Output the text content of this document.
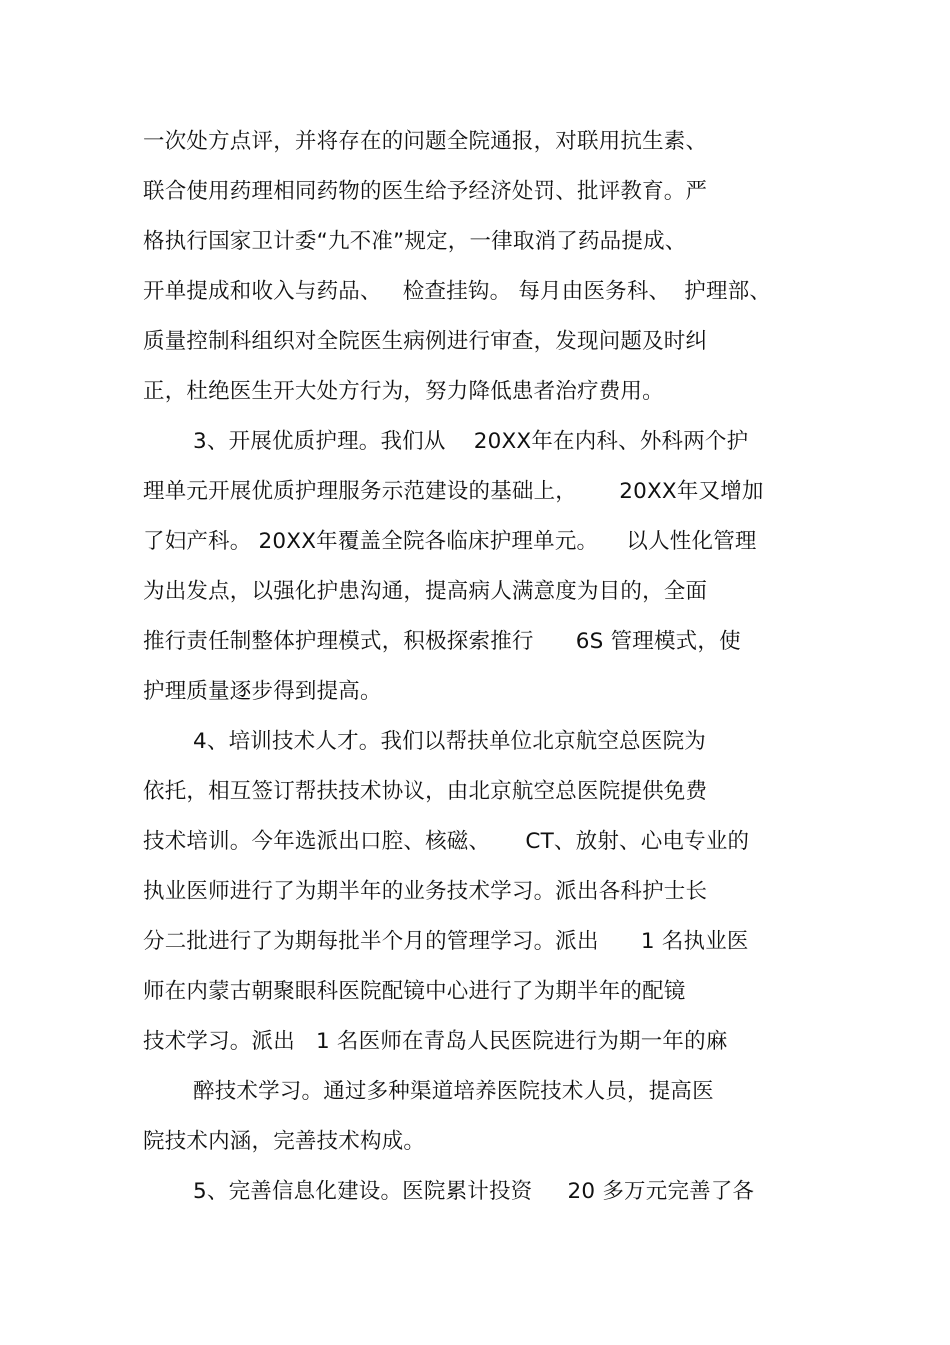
一次处方点评，并将存在的问题全院通报，对联用抗生素、
联合使用药理相同药物的医生给予经济处罚、批评教育。严
格执行国家卫计委“九不准”规定，一律取消了药品提成、
开单提成和收入与药品、   检查挂钩。 每月由医务科、  护理部、
质量控制科组织对全院医生病例进行审查，发现问题及时纠
正，杜绝医生开大处方行为，努力降低患者治疗费用。
3、开展优质护理。我们从    20XX年在内科、外科两个护
理单元开展优质护理服务示范建设的基础上，      20XX年又增加
了妇产科。 20XX年覆盖全院各临床护理单元。    以人性化管理
为出发点，以强化护患沟通，提高病人满意度为目的，全面
推行责任制整体护理模式，积极探索推行      6S 管理模式，使
护理质量逐步得到提高。
4、培训技术人才。我们以帮扶单位北京航空总医院为
依托，相互签订帮扶技术协议，由北京航空总医院提供免费
技术培训。今年选派出口腔、核磁、     CT、放射、心电专业的
执业医师进行了为期半年的业务技术学习。派出各科护士长
分二批进行了为期每批半个月的管理学习。派出      1 名执业医
师在内蒙古朝聚眼科医院配镜中心进行了为期半年的配镜
技术学习。派出   1 名医师在青岛人民医院进行为期一年的麻
醉技术学习。通过多种渠道培养医院技术人员，提高医
院技术内涵，完善技术构成。
5、完善信息化建设。医院累计投资     20 多万元完善了各
